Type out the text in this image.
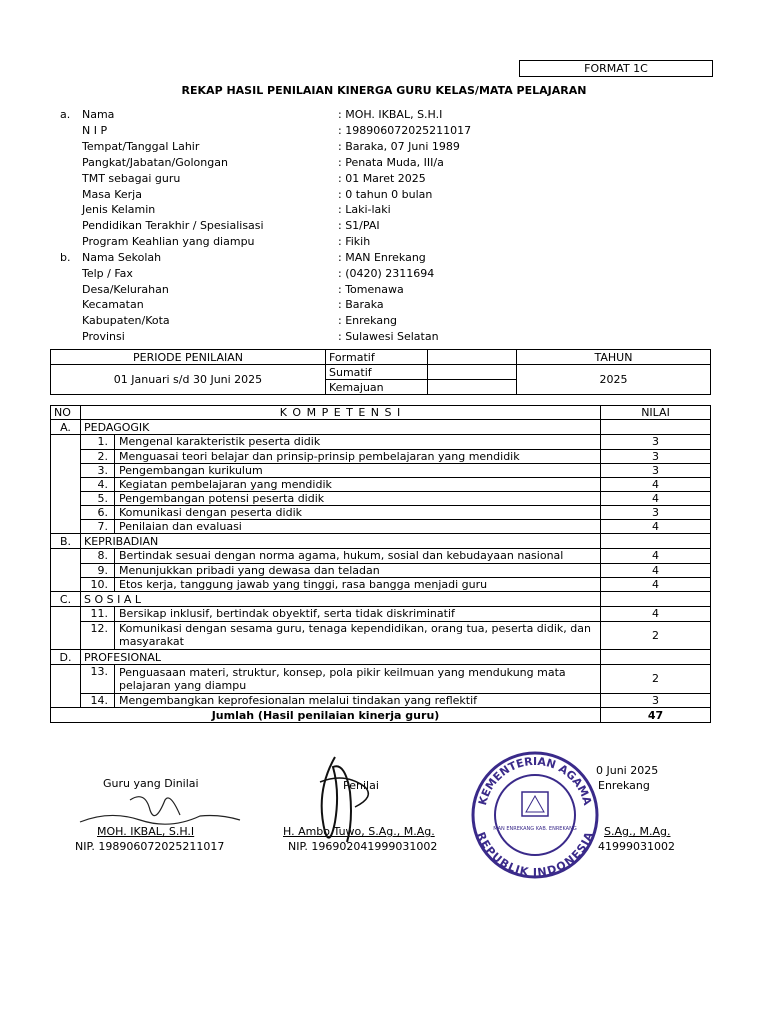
FORMAT 1C
REKAP HASIL PENILAIAN KINERGA GURU KELAS/MATA PELAJARAN
a. Nama	: MOH. IKBAL, S.H.I
N I P	: 198906072025211017
Tempat/Tanggal Lahir	: Baraka, 07 Juni 1989
Pangkat/Jabatan/Golongan	: Penata Muda, III/a
TMT sebagai guru	: 01 Maret 2025
Masa Kerja	: 0 tahun 0 bulan
Jenis Kelamin	: Laki-laki
Pendidikan Terakhir / Spesialisasi	: S1/PAI
Program Keahlian yang diampu	: Fikih
b. Nama Sekolah	: MAN Enrekang
Telp / Fax	: (0420) 2311694
Desa/Kelurahan	: Tomenawa
Kecamatan	: Baraka
Kabupaten/Kota	: Enrekang
Provinsi	: Sulawesi Selatan
PERIODE PENILAIAN	Formatif		TAHUN
01 Januari s/d 30 Juni 2025	Sumatif		2025
	Kemajuan		
NO	K O M P E T E N S I		NILAI
A.	PEDAGOGIK		
	1.	Mengenal karakteristik peserta didik	3
	2.	Menguasai teori belajar dan prinsip-prinsip pembelajaran yang mendidik	3
	3.	Pengembangan kurikulum	3
	4.	Kegiatan pembelajaran yang mendidik	4
	5.	Pengembangan potensi peserta didik	4
	6.	Komunikasi dengan peserta didik	3
	7.	Penilaian dan evaluasi	4
B.	KEPRIBADIAN		
	8.	Bertindak sesuai dengan norma agama, hukum, sosial dan kebudayaan nasional	4
	9.	Menunjukkan pribadi yang dewasa dan teladan	4
	10.	Etos kerja, tanggung jawab yang tinggi, rasa bangga menjadi guru	4
C.	S O S I A L		
	11.	Bersikap inklusif, bertindak obyektif, serta tidak diskriminatif	4
	12.	Komunikasi dengan sesama guru, tenaga kependidikan, orang tua, peserta didik, dan masyarakat	2
D.	PROFESIONAL		
	13.	Penguasaan materi, struktur, konsep, pola pikir keilmuan yang mendukung mata pelajaran yang diampu	2
	14.	Mengembangkan keprofesionalan melalui tindakan yang reflektif	3
Jumlah (Hasil penilaian kinerja guru)			47
Guru yang Dinilai
MOH. IKBAL, S.H.I
NIP. 198906072025211017
Penilai
H. Ambo Tuwo, S.Ag., M.Ag.
NIP. 196902041999031002
0 Juni 2025
Enrekang
S.Ag., M.Ag.
41999031002
KEMENTERIAN AGAMA
REPUBLIK INDONESIA
MAN ENREKANG KAB. ENREKANG
